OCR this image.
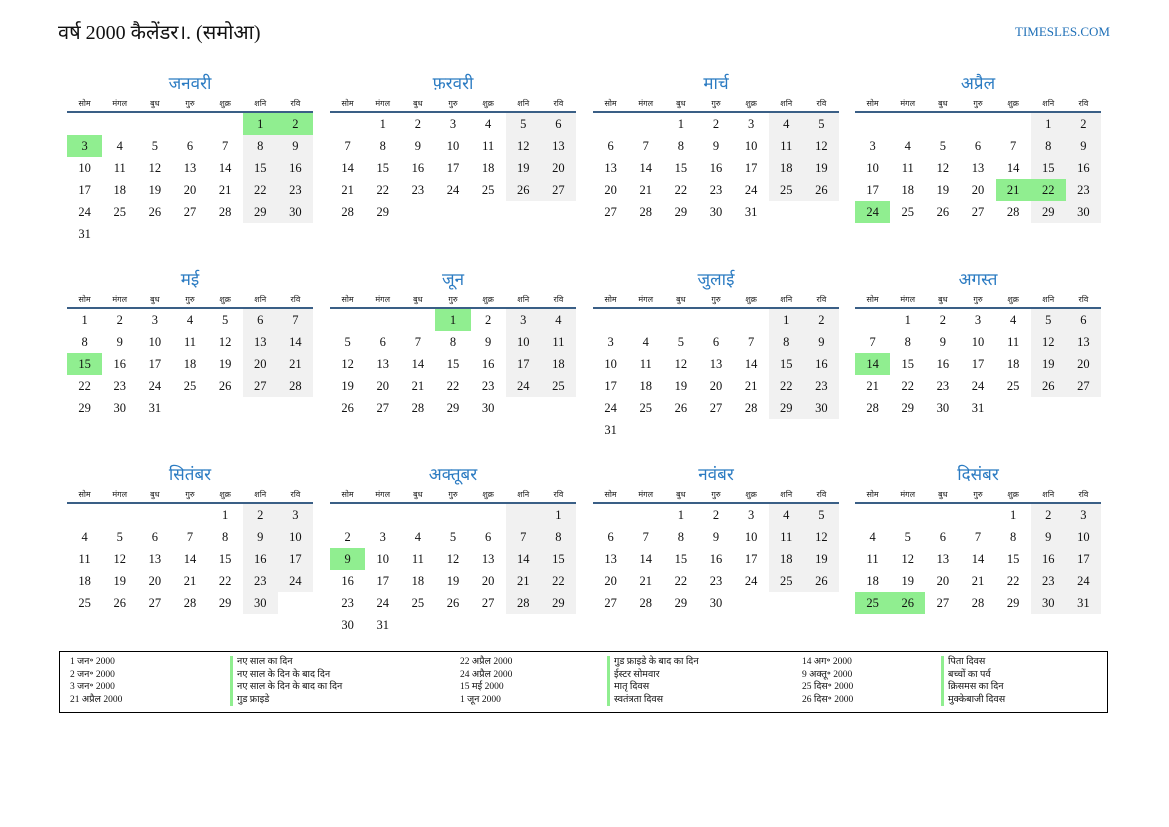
वर्ष 2000 कैलेंडर।. (समोआ)	TIMESLES.COM
जनवरी
सोम	मंगल	बुध	गुरु	शुक्र	शनि	रवि
					1	2
3	4	5	6	7	8	9
10	11	12	13	14	15	16
17	18	19	20	21	22	23
24	25	26	27	28	29	30
31						
फ़रवरी
सोम	मंगल	बुध	गुरु	शुक्र	शनि	रवि
	1	2	3	4	5	6
7	8	9	10	11	12	13
14	15	16	17	18	19	20
21	22	23	24	25	26	27
28	29					
मार्च
सोम	मंगल	बुध	गुरु	शुक्र	शनि	रवि
		1	2	3	4	5
6	7	8	9	10	11	12
13	14	15	16	17	18	19
20	21	22	23	24	25	26
27	28	29	30	31		
अप्रैल
सोम	मंगल	बुध	गुरु	शुक्र	शनि	रवि
					1	2
3	4	5	6	7	8	9
10	11	12	13	14	15	16
17	18	19	20	21	22	23
24	25	26	27	28	29	30
मई
सोम	मंगल	बुध	गुरु	शुक्र	शनि	रवि
1	2	3	4	5	6	7
8	9	10	11	12	13	14
15	16	17	18	19	20	21
22	23	24	25	26	27	28
29	30	31				
जून
सोम	मंगल	बुध	गुरु	शुक्र	शनि	रवि
			1	2	3	4
5	6	7	8	9	10	11
12	13	14	15	16	17	18
19	20	21	22	23	24	25
26	27	28	29	30		
जुलाई
सोम	मंगल	बुध	गुरु	शुक्र	शनि	रवि
					1	2
3	4	5	6	7	8	9
10	11	12	13	14	15	16
17	18	19	20	21	22	23
24	25	26	27	28	29	30
31						
अगस्त
सोम	मंगल	बुध	गुरु	शुक्र	शनि	रवि
	1	2	3	4	5	6
7	8	9	10	11	12	13
14	15	16	17	18	19	20
21	22	23	24	25	26	27
28	29	30	31			
सितंबर
सोम	मंगल	बुध	गुरु	शुक्र	शनि	रवि
				1	2	3
4	5	6	7	8	9	10
11	12	13	14	15	16	17
18	19	20	21	22	23	24
25	26	27	28	29	30	
अक्तूबर
सोम	मंगल	बुध	गुरु	शुक्र	शनि	रवि
						1
2	3	4	5	6	7	8
9	10	11	12	13	14	15
16	17	18	19	20	21	22
23	24	25	26	27	28	29
30	31					
नवंबर
सोम	मंगल	बुध	गुरु	शुक्र	शनि	रवि
		1	2	3	4	5
6	7	8	9	10	11	12
13	14	15	16	17	18	19
20	21	22	23	24	25	26
27	28	29	30			
दिसंबर
सोम	मंगल	बुध	गुरु	शुक्र	शनि	रवि
				1	2	3
4	5	6	7	8	9	10
11	12	13	14	15	16	17
18	19	20	21	22	23	24
25	26	27	28	29	30	31
1 जन॰ 2000	नए साल का दिन
2 जन॰ 2000	नए साल के दिन के बाद दिन
3 जन॰ 2000	नए साल के दिन के बाद का दिन
21 अप्रैल 2000	गुड फ्राइडे
22 अप्रैल 2000	गुड फ्राइडे के बाद का दिन
24 अप्रैल 2000	ईस्टर सोमवार
15 मई 2000	मातृ दिवस
1 जून 2000	स्वतंत्रता दिवस
14 अग॰ 2000	पिता दिवस
9 अक्तू॰ 2000	बच्चों का पर्व
25 दिस॰ 2000	क्रिसमस का दिन
26 दिस॰ 2000	मुक्केबाजी दिवस
